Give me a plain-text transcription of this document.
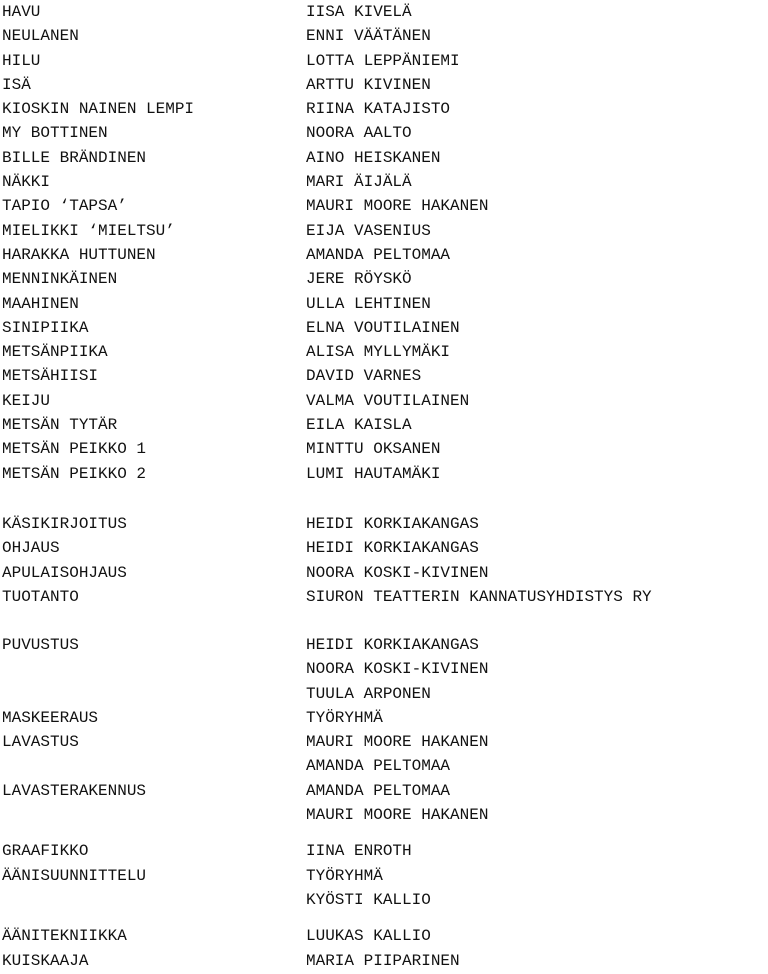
HAVU	IISA KIVELÄ
NEULANEN	ENNI VÄÄTÄNEN
HILU	LOTTA LEPPÄNIEMI
ISÄ	ARTTU KIVINEN
KIOSKIN NAINEN LEMPI	RIINA KATAJISTO
MY BOTTINEN	NOORA AALTO
BILLE BRÄNDINEN	AINO HEISKANEN
NÄKKI	MARI ÄIJÄLÄ
TAPIO ‘TAPSA’	MAURI MOORE HAKANEN
MIELIKKI ‘MIELTSU’	EIJA VASENIUS
HARAKKA HUTTUNEN	AMANDA PELTOMAA
MENNINKÄINEN	JERE RÖYSKÖ
MAAHINEN	ULLA LEHTINEN
SINIPIIKA	ELNA VOUTILAINEN
METSÄNPIIKA	ALISA MYLLYMÄKI
METSÄHIISI	DAVID VARNES
KEIJU	VALMA VOUTILAINEN
METSÄN TYTÄR	EILA KAISLA
METSÄN PEIKKO 1	MINTTU OKSANEN
METSÄN PEIKKO 2	LUMI HAUTAMÄKI
KÄSIKIRJOITUS	HEIDI KORKIAKANGAS
OHJAUS	HEIDI KORKIAKANGAS
APULAISOHJAUS	NOORA KOSKI-KIVINEN
TUOTANTO	SIURON TEATTERIN KANNATUSYHDISTYS RY
PUVUSTUS	HEIDI KORKIAKANGAS
NOORA KOSKI-KIVINEN
TUULA ARPONEN
MASKEERAUS	TYÖRYHMÄ
LAVASTUS	MAURI MOORE HAKANEN
AMANDA PELTOMAA
LAVASTERAKENNUS	AMANDA PELTOMAA
MAURI MOORE HAKANEN
GRAAFIKKO	IINA ENROTH
ÄÄNISUUNNITTELU	TYÖRYHMÄ
KYÖSTI KALLIO
ÄÄNITEKNIIKKA	LUUKAS KALLIO
KUISKAAJA	MARIA PIIPARINEN
